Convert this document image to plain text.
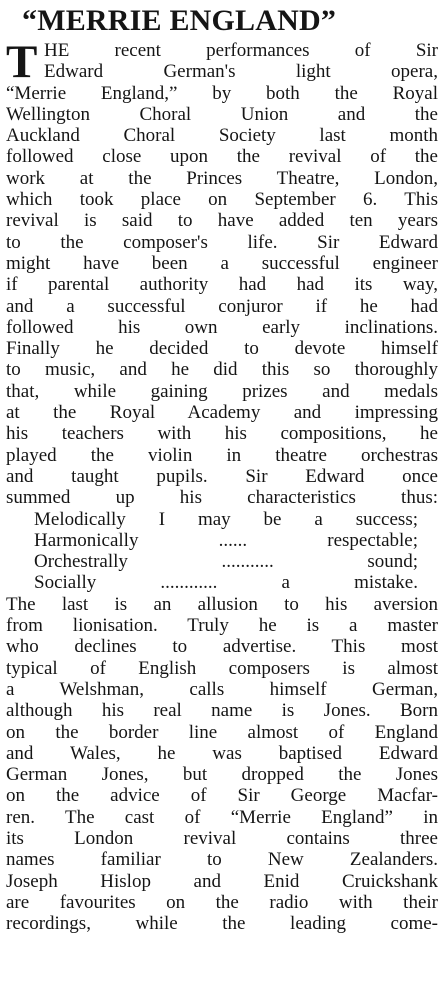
“MERRIE ENGLAND”
T HE recent performances of Sir
Edward German's light opera,
“Merrie England,” by both the Royal
Wellington Choral Union and the
Auckland Choral Society last month
followed close upon the revival of the
work at the Princes Theatre, London,
which took place on September 6. This
revival is said to have added ten years
to the composer's life. Sir Edward
might have been a successful engineer
if parental authority had had its way,
and a successful conjuror if he had
followed his own early inclinations.
Finally he decided to devote himself
to music, and he did this so thoroughly
that, while gaining prizes and medals
at the Royal Academy and impressing
his teachers with his compositions, he
played the violin in theatre orchestras
and taught pupils. Sir Edward once
summed up his characteristics thus:
Melodically I may be a success;
Harmonically ...... respectable;
Orchestrally ........... sound;
Socially ............ a mistake.
The last is an allusion to his aversion
from lionisation. Truly he is a master
who declines to advertise. This most
typical of English composers is almost
a Welshman, calls himself German,
although his real name is Jones. Born
on the border line almost of England
and Wales, he was baptised Edward
German Jones, but dropped the Jones
on the advice of Sir George Macfar-
ren. The cast of “Merrie England” in
its London revival contains three
names familiar to New Zealanders.
Joseph Hislop and Enid Cruickshank
are favourites on the radio with their
recordings, while the leading come-
